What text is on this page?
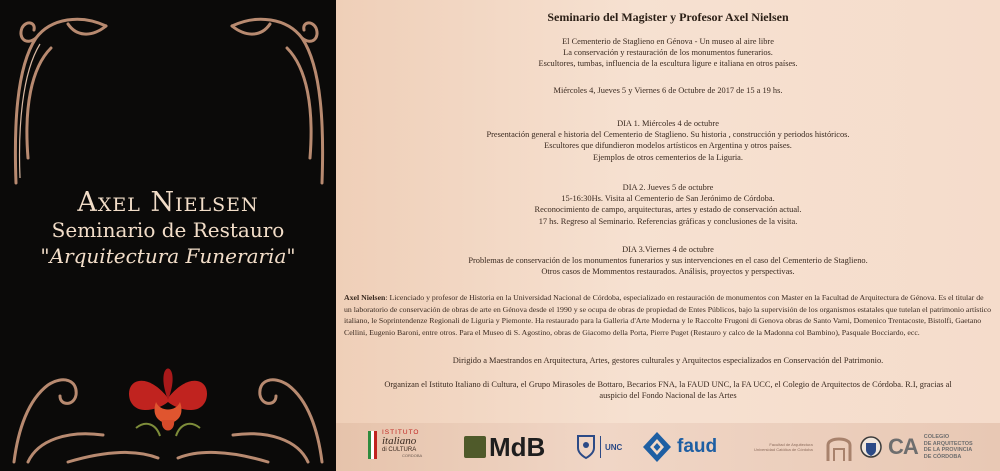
Axel Nielsen
Seminario de Restauro
"Arquitectura Funeraria"
Seminario del Magister y Profesor Axel Nielsen

El Cementerio de Staglieno en Génova - Un museo al aire libre

La conservación y restauración de los monumentos funerarios.

Escultores, tumbas, influencia de la escultura ligure e italiana en otros países.

Miércoles 4, Jueves 5 y Viernes 6 de Octubre de 2017 de 15 a 19 hs.

DIA 1. Miércoles 4 de octubre

Presentación general e historia del Cementerio de Staglieno. Su historia , construcción y periodos históricos.

Escultores que difundieron modelos artísticos en Argentina y otros países.

Ejemplos de otros cementerios de la Liguria.

DIA 2. Jueves 5 de octubre

15-16:30Hs. Visita al Cementerio de San Jerónimo de Córdoba.

Reconocimiento de campo, arquitecturas, artes y estado de conservación actual.

17 hs. Regreso al Seminario. Referencias gráficas y conclusiones de la visita.

DIA 3.Viernes 4 de octubre

Problemas de conservación de los monumentos funerarios y sus intervenciones en el caso del Cementerio de Staglieno.

Otros casos de Mommentos restaurados. Análisis, proyectos y perspectivas.

Axel Nielsen: Licenciado y profesor de Historia en la Universidad Nacional de Córdoba, especializado en restauración de monumentos con Master en la Facultad de Arquitectura de Génova. Es el titular de un laboratorio de conservación de obras de arte en Génova desde el 1990 y se ocupa de obras de propiedad de Entes Públicos, bajo la supervisión de los organismos estatales que tutelan el patrimonio artístico italiano, le Soprintendenze Regionali de Liguria y Piemonte. Ha restaurado para la Galleria d'Arte Moderna y le Raccolte Frugoni di Genova obras de Santo Varni, Domenico Trentacoste, Bistolfi, Gaetano Cellini, Eugenio Baroni, entre otros. Para el Museo di S. Agostino, obras de Giacomo della Porta, Pierre Puget (Restauro y calco de la Madonna col Bambino), Pasquale Bocciardo, ecc.

Dirigido a Maestrandos en Arquitectura, Artes, gestores culturales y Arquitectos especializados en Conservación del Patrimonio.

Organizan el Istituto Italiano di Cultura, el Grupo Mirasoles de Bottaro, Becarios FNA, la FAUD UNC, la FA UCC, el Colegio de Arquitectos de Córdoba. R.I, gracias al

auspicio del Fondo Nacional de las Artes

ISTITUTO
italiano
di CULTURA
CORDOBA	MdB	UNC	faud	Facultad de Arquitectura
Universidad Católica de Córdoba	CA COLEGIO
DE ARQUITECTOS
DE LA PROVINCIA
DE CÓRDOBA
